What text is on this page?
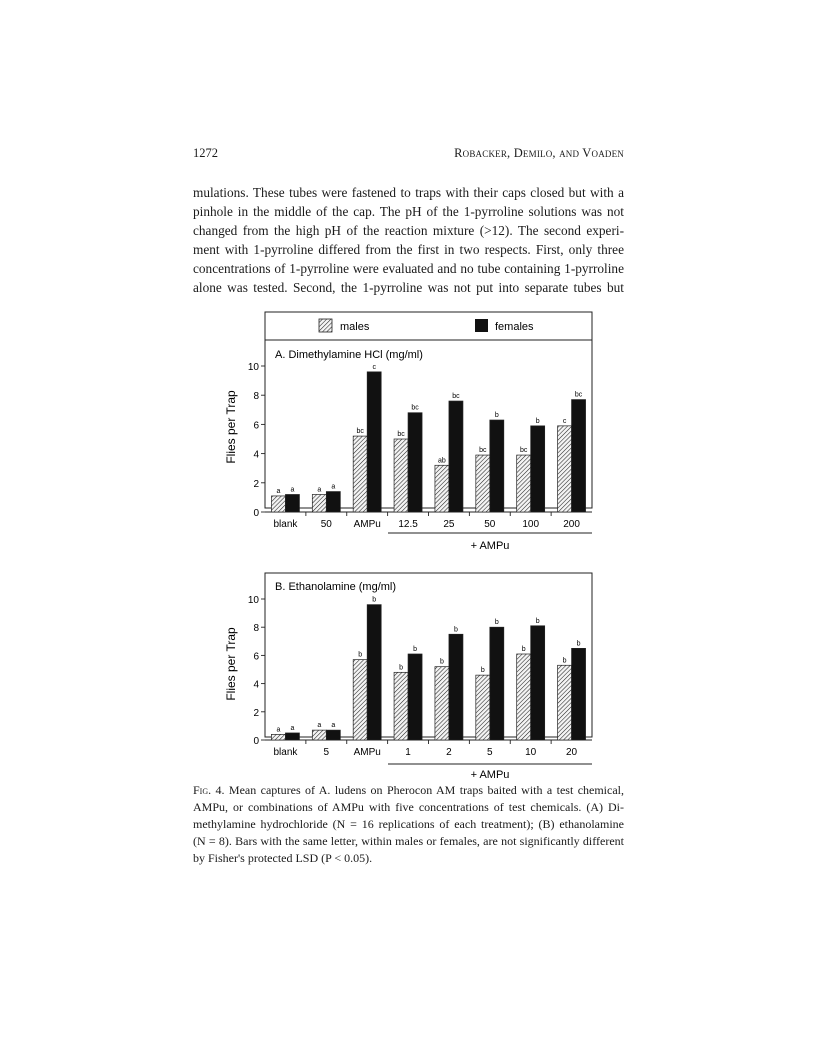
1272	Robacker, Demilo, and Voaden
mulations. These tubes were fastened to traps with their caps closed but with a
pinhole in the middle of the cap. The pH of the 1-pyrroline solutions was not
changed from the high pH of the reaction mixture (>12). The second experi-
ment with 1-pyrroline differed from the first in two respects. First, only three
concentrations of 1-pyrroline were evaluated and no tube containing 1-pyrroline
alone was tested. Second, the 1-pyrroline was not put into separate tubes but
males	females
A. Dimethylamine HCl (mg/ml)
Flies per Trap
+ AMPu
0
2
4
6
8
10
blank
a a
50
a a
AMPu
bc
c
12.5
bc
bc
25
ab
bc
50
bc
b
100
bc
b
200
c
bc
B. Ethanolamine (mg/ml)
Flies per Trap
+ AMPu
0
2
4
6
8
10
blank
a a
5
a a
AMPu
b
b
1
b
b
2
b
b
5
b
b
10
b
b
20
b
b
Fig. 4. Mean captures of A. ludens on Pherocon AM traps baited with a test chemical,
AMPu, or combinations of AMPu with five concentrations of test chemicals. (A) Di-
methylamine hydrochloride (N = 16 replications of each treatment); (B) ethanolamine
(N = 8). Bars with the same letter, within males or females, are not significantly different
by Fisher's protected LSD (P < 0.05).
